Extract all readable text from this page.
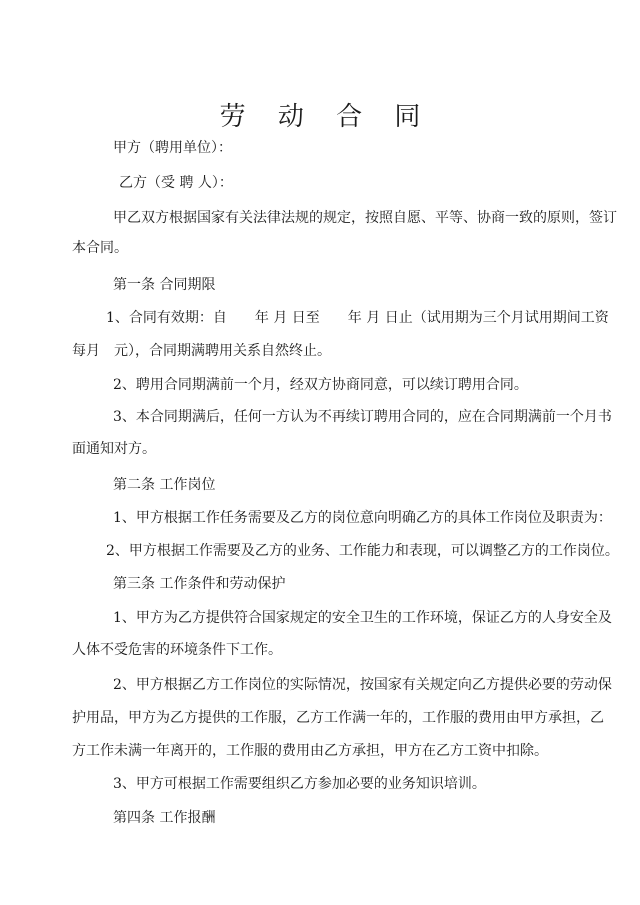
劳 动 合 同

甲方（聘用单位）：

乙方（受 聘 人）：

甲乙双方根据国家有关法律法规的规定，按照自愿、平等、协商一致的原则，签订

本合同。

第一条 合同期限

1、合同有效期：自　　年 月 日至　　年 月 日止（试用期为三个月试用期间工资

每月　元），合同期满聘用关系自然终止。

2、聘用合同期满前一个月，经双方协商同意，可以续订聘用合同。

3、本合同期满后，任何一方认为不再续订聘用合同的，应在合同期满前一个月书

面通知对方。

第二条 工作岗位

1、甲方根据工作任务需要及乙方的岗位意向明确乙方的具体工作岗位及职责为：

2、甲方根据工作需要及乙方的业务、工作能力和表现，可以调整乙方的工作岗位。

第三条 工作条件和劳动保护

1、甲方为乙方提供符合国家规定的安全卫生的工作环境，保证乙方的人身安全及

人体不受危害的环境条件下工作。

2、甲方根据乙方工作岗位的实际情况，按国家有关规定向乙方提供必要的劳动保

护用品，甲方为乙方提供的工作服，乙方工作满一年的，工作服的费用由甲方承担，乙

方工作未满一年离开的，工作服的费用由乙方承担，甲方在乙方工资中扣除。

3、甲方可根据工作需要组织乙方参加必要的业务知识培训。

第四条 工作报酬
